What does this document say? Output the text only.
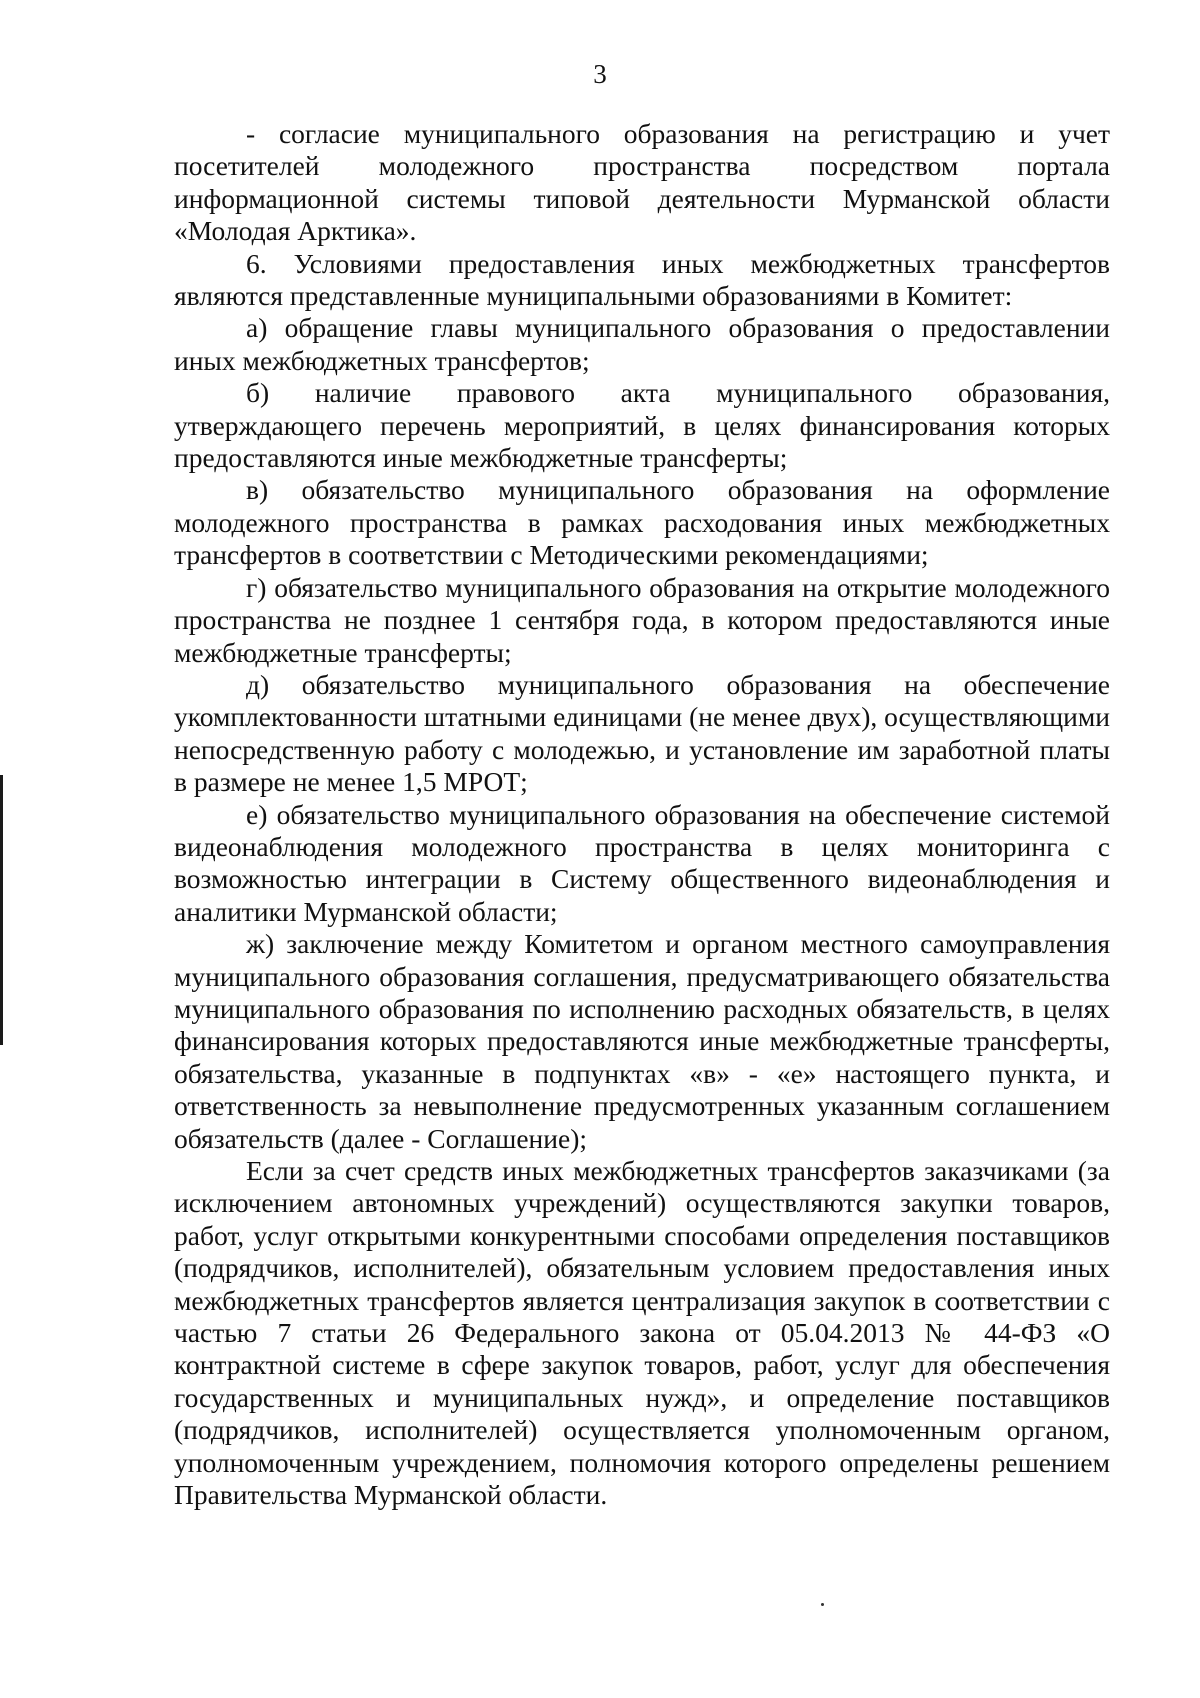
3

- согласие муниципального образования на регистрацию и учет посетителей молодежного пространства посредством портала информационной системы типовой деятельности Мурманской области «Молодая Арктика».

6. Условиями предоставления иных межбюджетных трансфертов являются представленные муниципальными образованиями в Комитет:

а) обращение главы муниципального образования о предоставлении иных межбюджетных трансфертов;

б) наличие правового акта муниципального образования, утверждающего перечень мероприятий, в целях финансирования которых предоставляются иные межбюджетные трансферты;

в) обязательство муниципального образования на оформление молодежного пространства в рамках расходования иных межбюджетных трансфертов в соответствии с Методическими рекомендациями;

г) обязательство муниципального образования на открытие молодежного пространства не позднее 1 сентября года, в котором предоставляются иные межбюджетные трансферты;

д) обязательство муниципального образования на обеспечение укомплектованности штатными единицами (не менее двух), осуществляющими непосредственную работу с молодежью, и установление им заработной платы в размере не менее 1,5 МРОТ;

е) обязательство муниципального образования на обеспечение системой видеонаблюдения молодежного пространства в целях мониторинга с возможностью интеграции в Систему общественного видеонаблюдения и аналитики Мурманской области;

ж) заключение между Комитетом и органом местного самоуправления муниципального образования соглашения, предусматривающего обязательства муниципального образования по исполнению расходных обязательств, в целях финансирования которых предоставляются иные межбюджетные трансферты, обязательства, указанные в подпунктах «в» - «е» настоящего пункта, и ответственность за невыполнение предусмотренных указанным соглашением обязательств (далее - Соглашение);

Если за счет средств иных межбюджетных трансфертов заказчиками (за исключением автономных учреждений) осуществляются закупки товаров, работ, услуг открытыми конкурентными способами определения поставщиков (подрядчиков, исполнителей), обязательным условием предоставления иных межбюджетных трансфертов является централизация закупок в соответствии с частью 7 статьи 26 Федерального закона от 05.04.2013 № 44-ФЗ «О контрактной системе в сфере закупок товаров, работ, услуг для обеспечения государственных и муниципальных нужд», и определение поставщиков (подрядчиков, исполнителей) осуществляется уполномоченным органом, уполномоченным учреждением, полномочия которого определены решением Правительства Мурманской области.
